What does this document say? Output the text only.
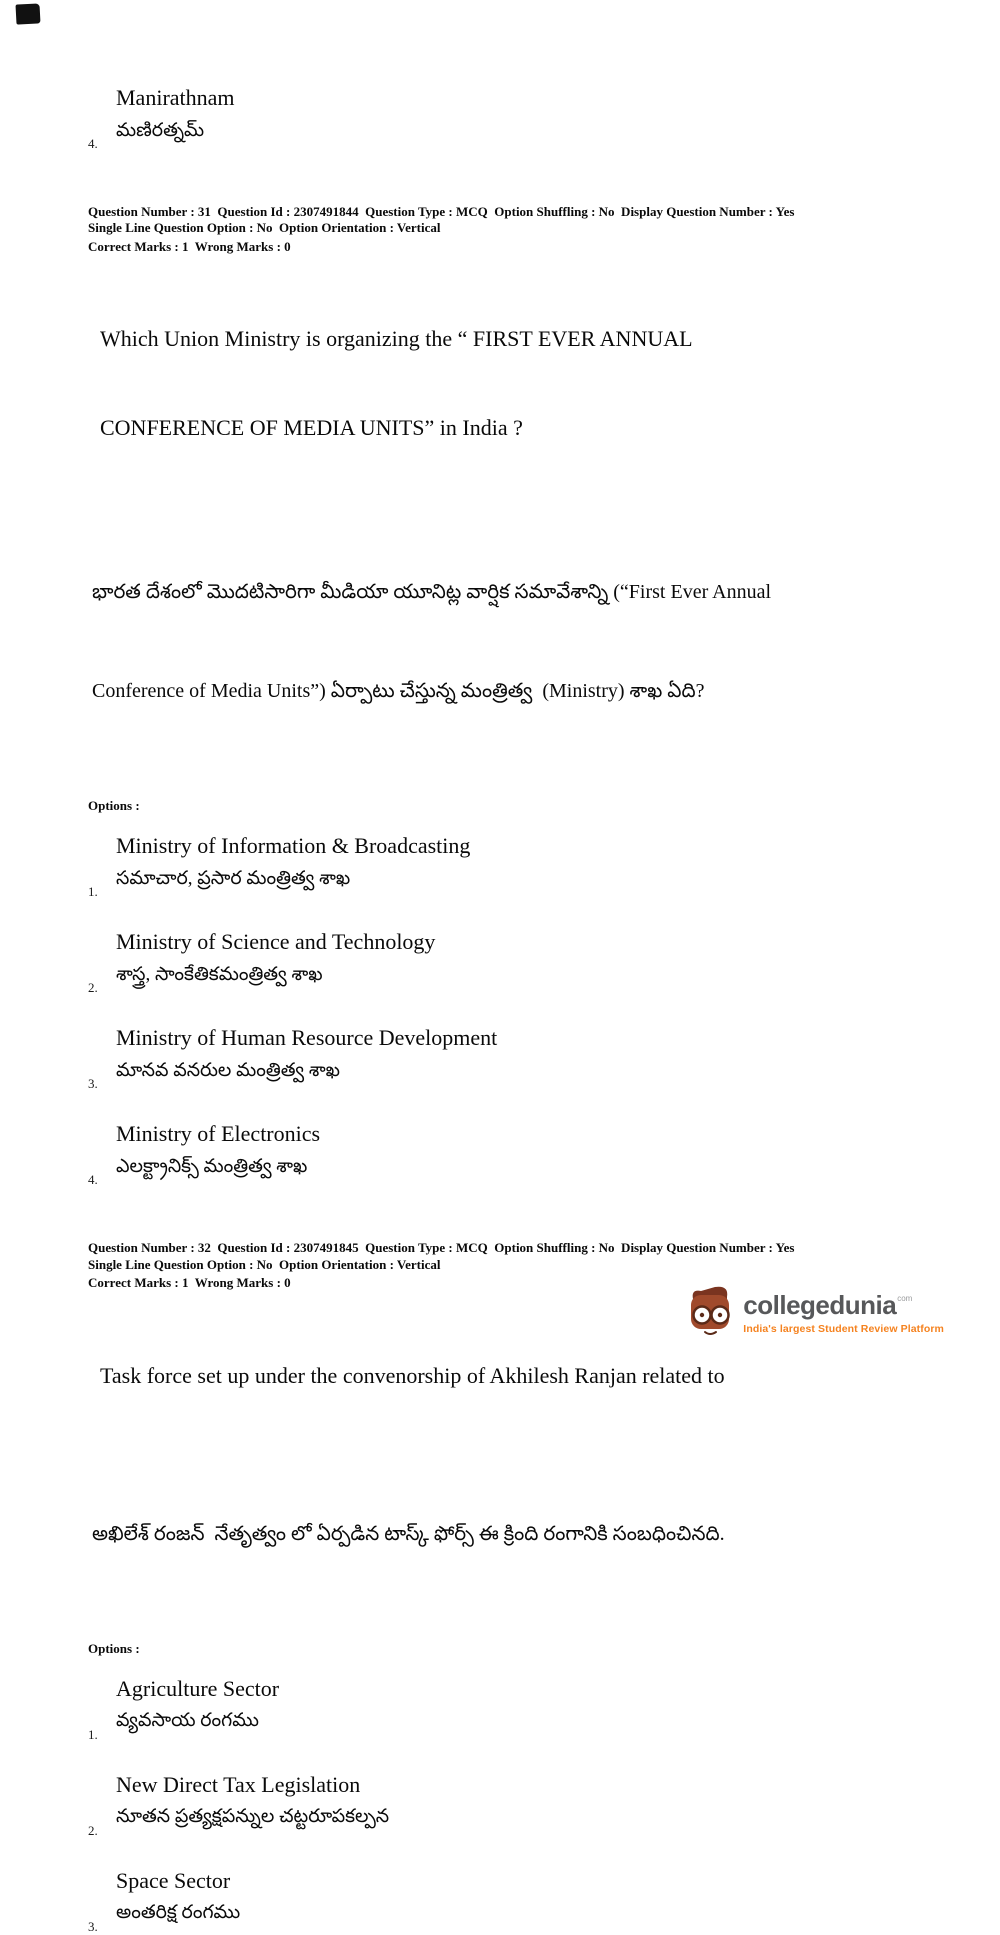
4.
Manirathnam
మణిరత్నమ్
Question Number : 31  Question Id : 2307491844  Question Type : MCQ  Option Shuffling : No  Display Question Number : Yes
Single Line Question Option : No  Option Orientation : Vertical
Correct Marks : 1  Wrong Marks : 0

Which Union Ministry is organizing the “ FIRST EVER ANNUAL

CONFERENCE OF MEDIA UNITS” in India ?

భారత దేశంలో మొదటిసారిగా మీడియా యూనిట్ల వార్షిక సమావేశాన్ని (“First Ever Annual

Conference of Media Units”) ఏర్పాటు చేస్తున్న మంత్రిత్వ  (Ministry) శాఖ ఏది?

Options :
1.
Ministry of Information & Broadcasting
సమాచార, ప్రసార మంత్రిత్వ శాఖ
2.
Ministry of Science and Technology
శాస్త్ర, సాంకేతికమంత్రిత్వ శాఖ
3.
Ministry of Human Resource Development
మానవ వనరుల మంత్రిత్వ శాఖ
4.
Ministry of Electronics
ఎలక్ట్రానిక్స్ మంత్రిత్వ శాఖ
Question Number : 32  Question Id : 2307491845  Question Type : MCQ  Option Shuffling : No  Display Question Number : Yes
Single Line Question Option : No  Option Orientation : Vertical
Correct Marks : 1  Wrong Marks : 0

Task force set up under the convenorship of Akhilesh Ranjan related to

అఖిలేశ్ రంజన్  నేతృత్వం లో ఏర్పడిన టాస్క్ ఫోర్స్ ఈ క్రింది రంగానికి సంబధించినది.

Options :
1.
Agriculture Sector
వ్యవసాయ రంగము
2.
New Direct Tax Legislation
నూతన ప్రత్యక్షపన్నుల చట్టరూపకల్పన
3.
Space Sector
అంతరిక్ష రంగము
collegedunia com
India's largest Student Review Platform
